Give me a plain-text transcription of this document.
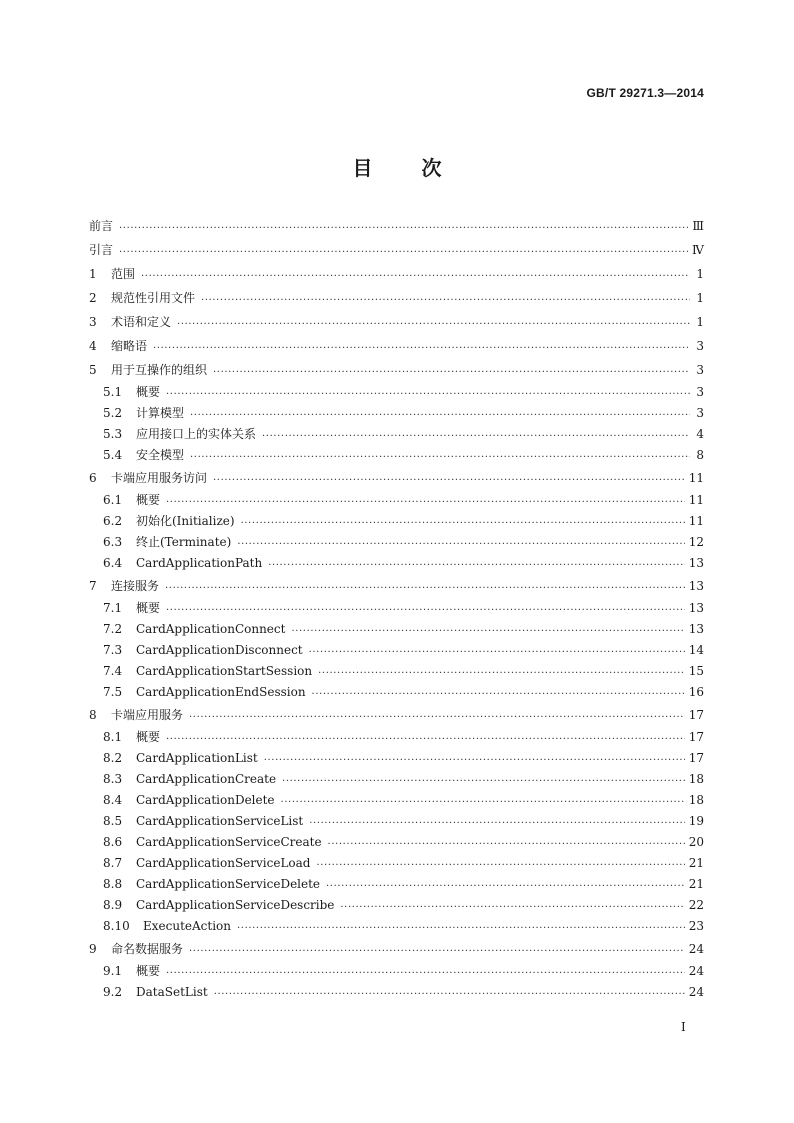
GB/T 29271.3—2014
目 次
前言 ·····	Ⅲ
引言 ·····	Ⅳ
1	范围 ·····	1
2	规范性引用文件 ·····	1
3	术语和定义 ·····	1
4	缩略语 ·····	3
5	用于互操作的组织 ·····	3
5.1	概要 ·····	3
5.2	计算模型 ·····	3
5.3	应用接口上的实体关系 ·····	4
5.4	安全模型 ·····	8
6	卡端应用服务访问 ·····	11
6.1	概要 ·····	11
6.2	初始化(Initialize) ·····	11
6.3	终止(Terminate) ·····	12
6.4	CardApplicationPath ·····	13
7	连接服务 ·····	13
7.1	概要 ·····	13
7.2	CardApplicationConnect ·····	13
7.3	CardApplicationDisconnect ·····	14
7.4	CardApplicationStartSession ·····	15
7.5	CardApplicationEndSession ·····	16
8	卡端应用服务 ·····	17
8.1	概要 ·····	17
8.2	CardApplicationList ·····	17
8.3	CardApplicationCreate ·····	18
8.4	CardApplicationDelete ·····	18
8.5	CardApplicationServiceList ·····	19
8.6	CardApplicationServiceCreate ·····	20
8.7	CardApplicationServiceLoad ·····	21
8.8	CardApplicationServiceDelete ·····	21
8.9	CardApplicationServiceDescribe ·····	22
8.10	ExecuteAction ·····	23
9	命名数据服务 ·····	24
9.1	概要 ·····	24
9.2	DataSetList ·····	24
I
